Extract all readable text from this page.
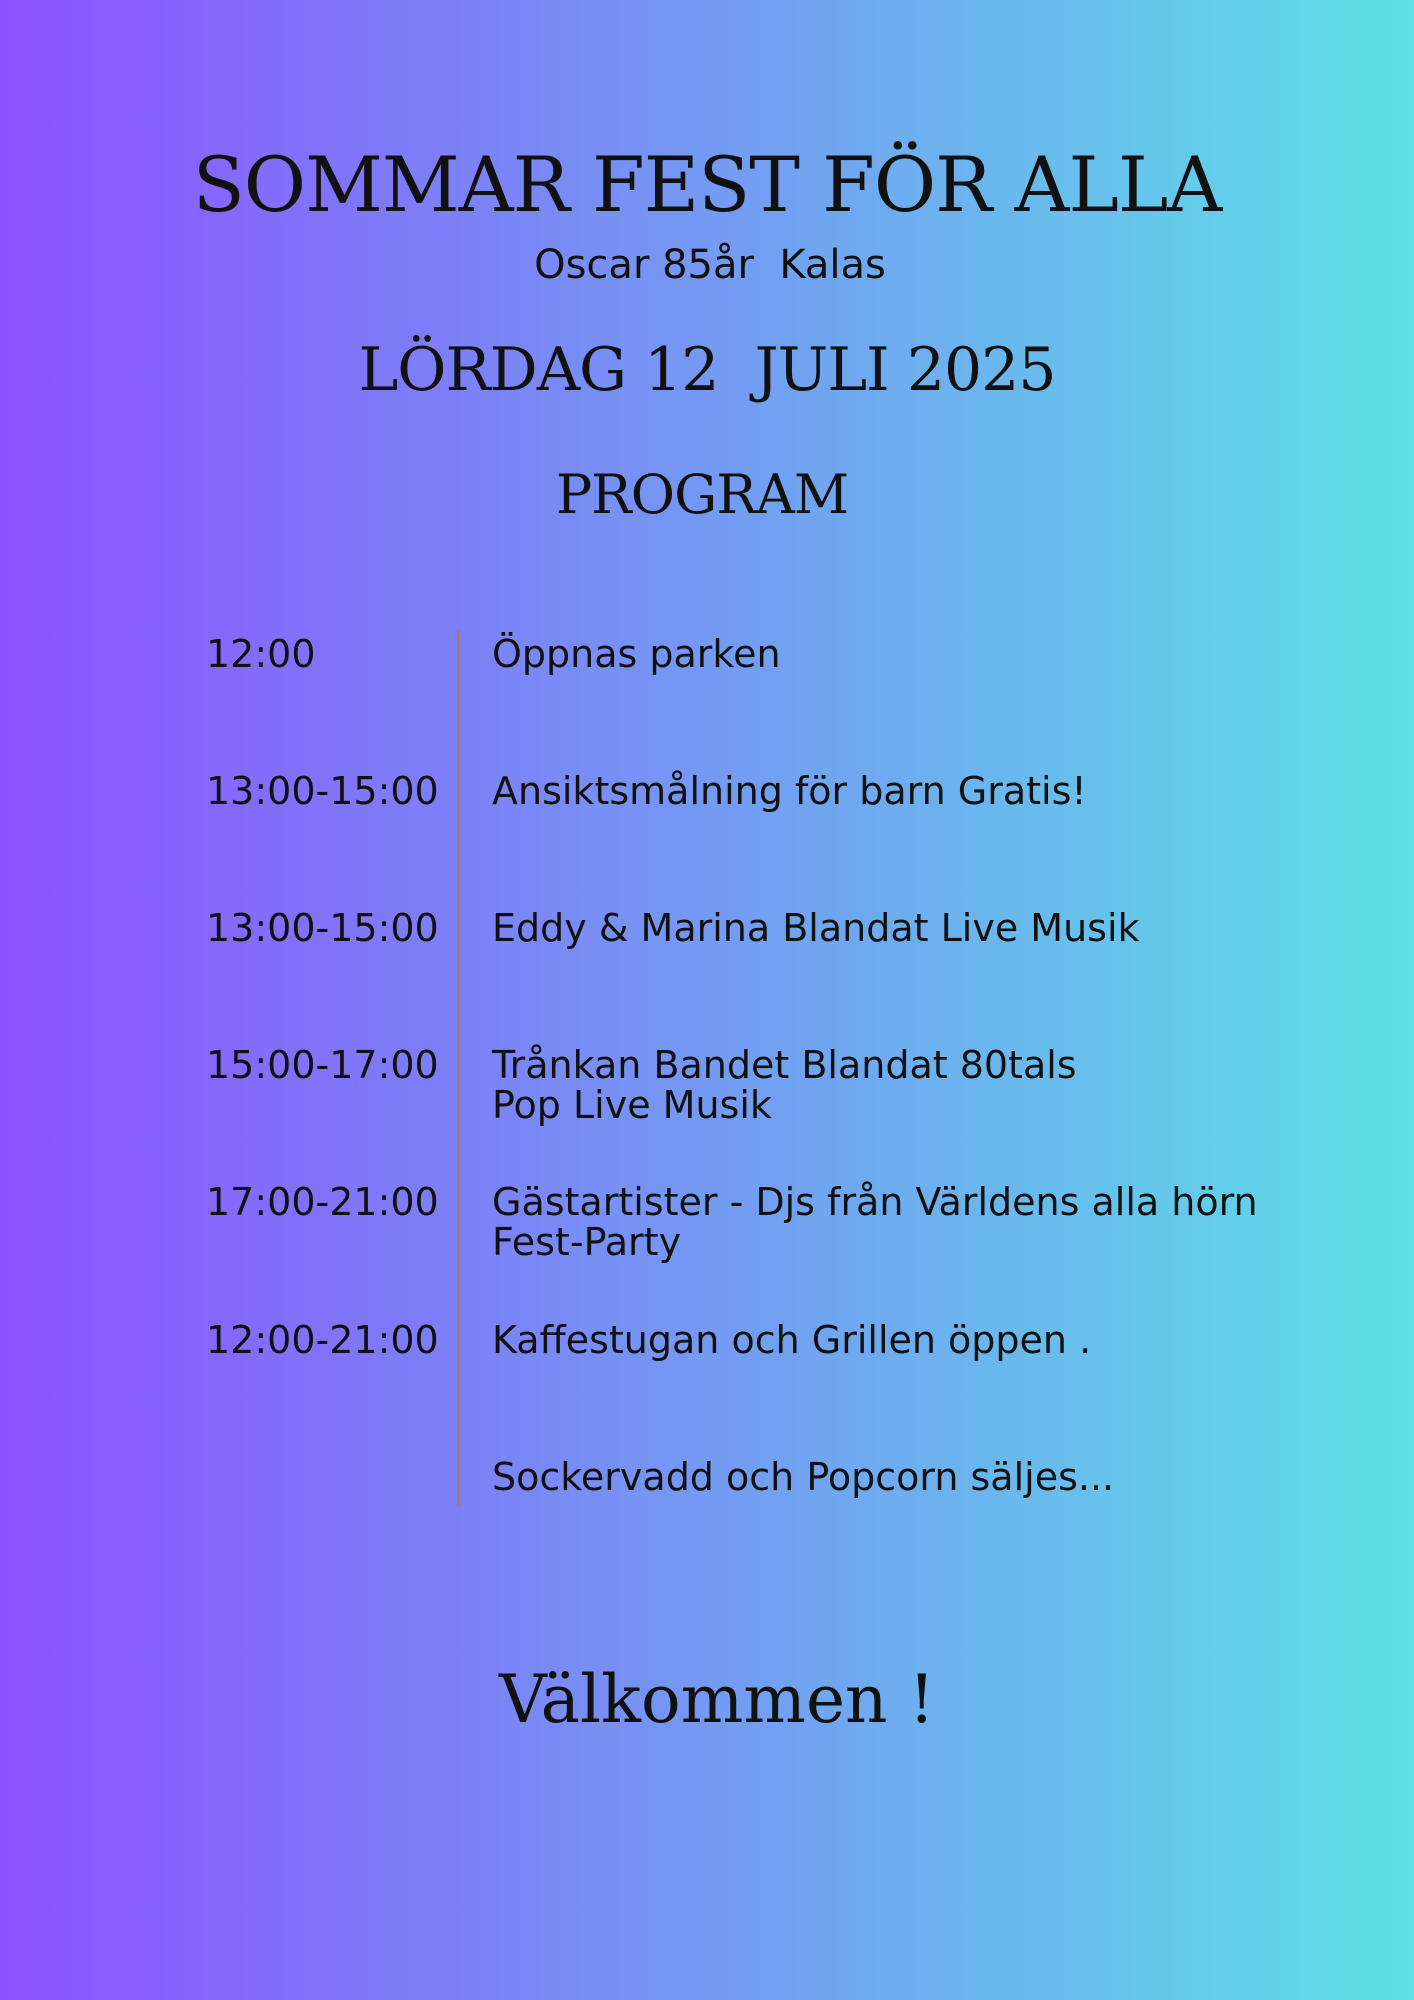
SOMMAR FEST FÖR ALLA
Oscar 85år  Kalas
LÖRDAG 12  JULI 2025
PROGRAM
12:00	Öppnas parken
13:00-15:00 Ansiktsmålning för barn Gratis!
13:00-15:00 Eddy & Marina Blandat Live Musik
15:00-17:00 Trånkan Bandet Blandat 80tals
Pop Live Musik
17:00-21:00 Gästartister - Djs från Världens alla hörn
Fest-Party
12:00-21:00 Kaffestugan och Grillen öppen .
Sockervadd och Popcorn säljes...
Välkommen !
